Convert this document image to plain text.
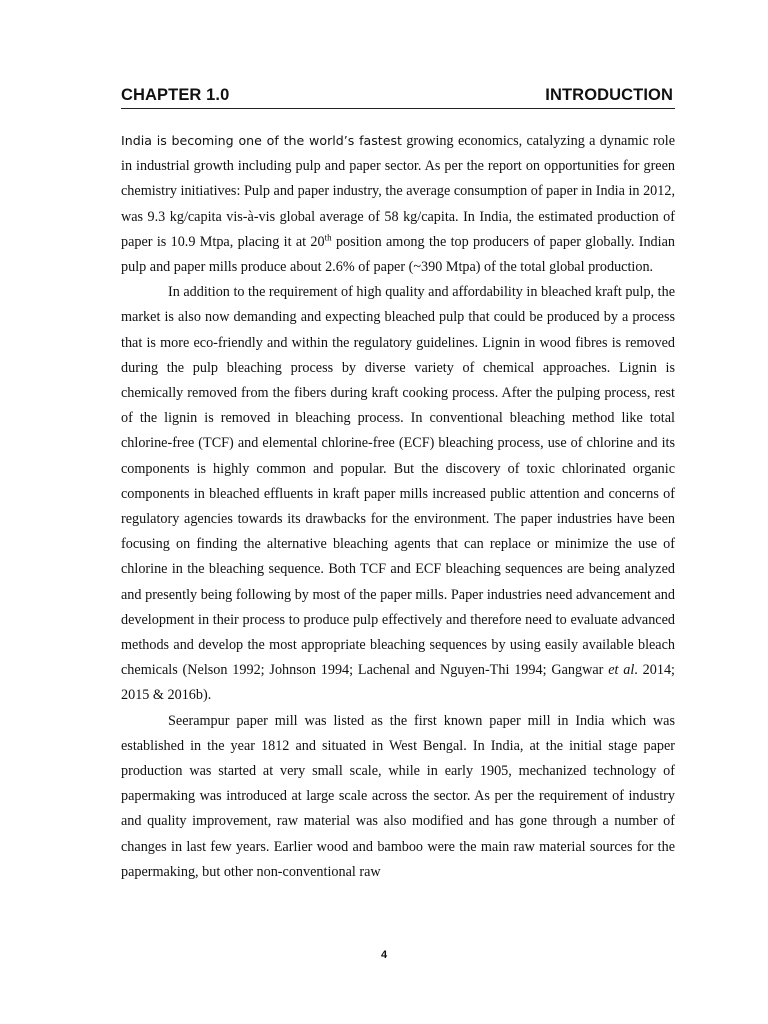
CHAPTER 1.0	INTRODUCTION

India is becoming one of the world’s fastest growing economics, catalyzing a dynamic role in industrial growth including pulp and paper sector. As per the report on opportunities for green chemistry initiatives: Pulp and paper industry, the average consumption of paper in India in 2012, was 9.3 kg/capita vis-à-vis global average of 58 kg/capita. In India, the estimated production of paper is 10.9 Mtpa, placing it at 20th position among the top producers of paper globally. Indian pulp and paper mills produce about 2.6% of paper (~390 Mtpa) of the total global production.

In addition to the requirement of high quality and affordability in bleached kraft pulp, the market is also now demanding and expecting bleached pulp that could be produced by a process that is more eco-friendly and within the regulatory guidelines. Lignin in wood fibres is removed during the pulp bleaching process by diverse variety of chemical approaches. Lignin is chemically removed from the fibers during kraft cooking process. After the pulping process, rest of the lignin is removed in bleaching process. In conventional bleaching method like total chlorine-free (TCF) and elemental chlorine-free (ECF) bleaching process, use of chlorine and its components is highly common and popular. But the discovery of toxic chlorinated organic components in bleached effluents in kraft paper mills increased public attention and concerns of regulatory agencies towards its drawbacks for the environment. The paper industries have been focusing on finding the alternative bleaching agents that can replace or minimize the use of chlorine in the bleaching sequence. Both TCF and ECF bleaching sequences are being analyzed and presently being following by most of the paper mills. Paper industries need advancement and development in their process to produce pulp effectively and therefore need to evaluate advanced methods and develop the most appropriate bleaching sequences by using easily available bleach chemicals (Nelson 1992; Johnson 1994; Lachenal and Nguyen-Thi 1994; Gangwar et al. 2014; 2015 & 2016b).

Seerampur paper mill was listed as the first known paper mill in India which was established in the year 1812 and situated in West Bengal. In India, at the initial stage paper production was started at very small scale, while in early 1905, mechanized technology of papermaking was introduced at large scale across the sector. As per the requirement of industry and quality improvement, raw material was also modified and has gone through a number of changes in last few years. Earlier wood and bamboo were the main raw material sources for the papermaking, but other non-conventional raw

4
